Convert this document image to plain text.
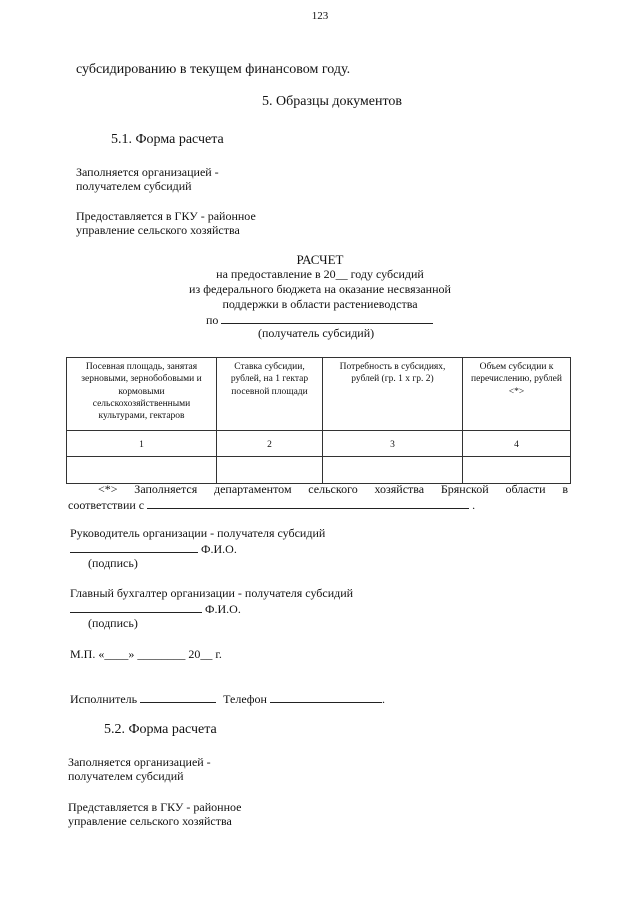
123
субсидированию в текущем финансовом году.
5. Образцы документов
5.1. Форма расчета
Заполняется организацией -
получателем субсидий
Предоставляется в ГКУ - районное
управление сельского хозяйства
РАСЧЕТ
на предоставление в 20__ году субсидий
из федерального бюджета на оказание несвязанной
поддержки в области растениеводства
по
(получатель субсидий)
Посевная площадь, занятая зерновыми, зернобобовыми и кормовыми сельскохозяйственными культурами, гектаров	Ставка субсидии, рублей, на 1 гектар посевной площади	Потребность в субсидиях, рублей (гр. 1 х гр. 2)	Объем субсидии к перечислению, рублей <*>
1	2	3	4

<*> Заполняется департаментом сельского хозяйства Брянской области в
соответствии с	.
Руководитель организации - получателя субсидий
Ф.И.О.
(подпись)
Главный бухгалтер организации - получателя субсидий
Ф.И.О.
(подпись)
М.П. «____» ________ 20__ г.
Исполнитель	Телефон	.
5.2. Форма расчета
Заполняется организацией -
получателем субсидий
Представляется в ГКУ - районное
управление сельского хозяйства
